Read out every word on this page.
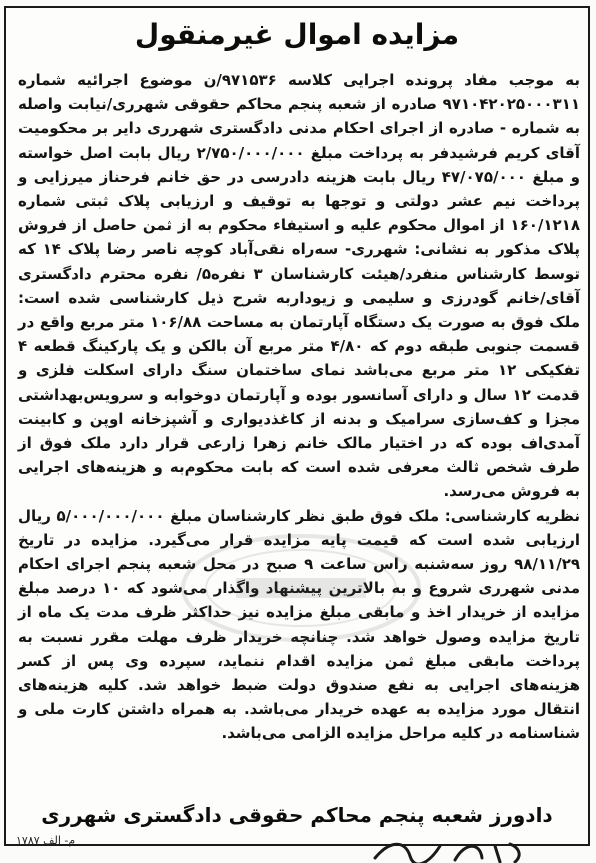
مزایده اموال غیرمنقول

به موجب مفاد پرونده اجرایی کلاسه ۹۷۱۵۳۶/ن موضوع اجرائیه شماره ۹۷۱۰۴۲۰۲۵۰۰۰۳۱۱ صادره از شعبه پنجم محاکم حقوقی شهرری/نیابت واصله به شماره - صادره از اجرای احکام مدنی دادگستری شهرری دایر بر محکومیت آقای کریم فرشیدفر به پرداخت مبلغ ۲/۷۵۰/۰۰۰/۰۰۰ ریال بابت اصل خواسته و مبلغ ۴۷/۰۷۵/۰۰۰ ریال بابت هزینه دادرسی در حق خانم فرحناز میرزایی و پرداخت نیم عشر دولتی و توجها به توقیف و ارزیابی پلاک ثبتی شماره ۱۶۰/۱۲۱۸ از اموال محکوم علیه و استیفاء محکوم به از ثمن حاصل از فروش پلاک مذکور به نشانی: شهرری- سه‌راه نقی‌آباد کوچه ناصر رضا پلاک ۱۴ که توسط کارشناس منفرد/هیئت کارشناسان ۳ نفره۵/ نفره محترم دادگستری آقای/خانم گودرزی و سلیمی و زیوداربه شرح ذیل کارشناسی شده است: ملک فوق به صورت یک دستگاه آپارتمان به مساحت ۱۰۶/۸۸ متر مربع واقع در قسمت جنوبی طبقه دوم که ۴/۸۰ متر مربع آن بالکن و یک پارکینگ قطعه ۴ تفکیکی ۱۲ متر مربع می‌باشد نمای ساختمان سنگ دارای اسکلت فلزی و قدمت ۱۲ سال و دارای آسانسور بوده و آپارتمان دوخوابه و سرویس‌بهداشتی مجزا و کف‌سازی سرامیک و بدنه از کاغذدیواری و آشپزخانه اوپن و کابینت آمدی‌اف بوده که در اختیار مالک خانم زهرا زارعی قرار دارد ملک فوق از طرف شخص ثالث معرفی شده است که بابت محکوم‌به و هزینه‌های اجرایی به فروش می‌رسد.

نظریه کارشناسی: ملک فوق طبق نظر کارشناسان مبلغ ۵/۰۰۰/۰۰۰/۰۰۰ ریال ارزیابی شده است که قیمت پایه مزایده قرار می‌گیرد. مزایده در تاریخ ۹۸/۱۱/۲۹ روز سه‌شنبه راس ساعت ۹ صبح در محل شعبه پنجم اجرای احکام مدنی شهرری شروع و به بالاترین پیشنهاد واگذار می‌شود که ۱۰ درصد مبلغ مزایده از خریدار اخذ و مابقی مبلغ مزایده نیز حداکثر ظرف مدت یک ماه از تاریخ مزایده وصول خواهد شد. چنانچه خریدار ظرف مهلت مقرر نسبت به پرداخت مابقی مبلغ ثمن مزایده اقدام ننماید، سپرده وی پس از کسر هزینه‌های اجرایی به نفع صندوق دولت ضبط خواهد شد. کلیه هزینه‌های انتقال مورد مزایده به عهده خریدار می‌باشد. به همراه داشتن کارت ملی و شناسنامه در کلیه مراحل مزایده الزامی می‌باشد.

دادورز شعبه پنجم محاکم حقوقی دادگستری شهرری
م- الف ۱۷۸۷
